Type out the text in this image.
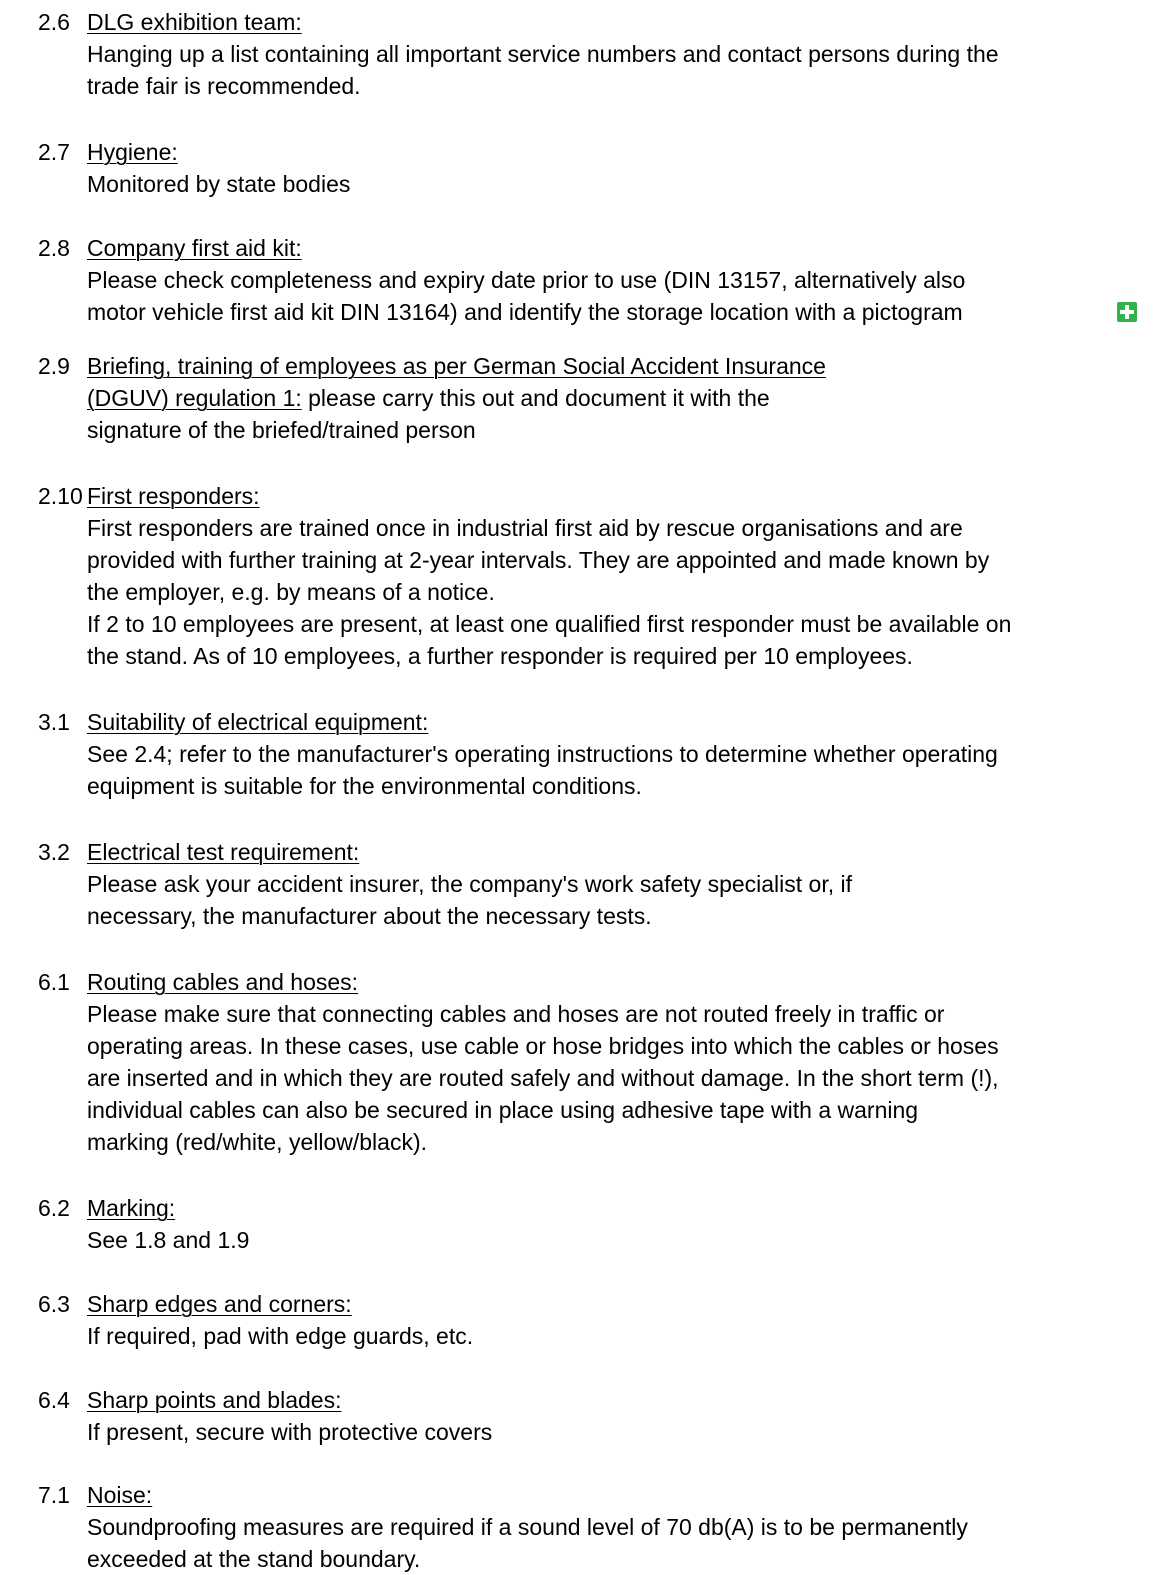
2.6 DLG exhibition team:
Hanging up a list containing all important service numbers and contact persons during the
trade fair is recommended.
2.7 Hygiene:
Monitored by state bodies
2.8 Company first aid kit:
Please check completeness and expiry date prior to use (DIN 13157, alternatively also
motor vehicle first aid kit DIN 13164) and identify the storage location with a pictogram
2.9 Briefing, training of employees as per German Social Accident Insurance
(DGUV) regulation 1: please carry this out and document it with the
signature of the briefed/trained person
2.10 First responders:
First responders are trained once in industrial first aid by rescue organisations and are
provided with further training at 2-year intervals. They are appointed and made known by
the employer, e.g. by means of a notice.
If 2 to 10 employees are present, at least one qualified first responder must be available on
the stand. As of 10 employees, a further responder is required per 10 employees.
3.1 Suitability of electrical equipment:
See 2.4; refer to the manufacturer's operating instructions to determine whether operating
equipment is suitable for the environmental conditions.
3.2 Electrical test requirement:
Please ask your accident insurer, the company's work safety specialist or, if
necessary, the manufacturer about the necessary tests.
6.1 Routing cables and hoses:
Please make sure that connecting cables and hoses are not routed freely in traffic or
operating areas. In these cases, use cable or hose bridges into which the cables or hoses
are inserted and in which they are routed safely and without damage. In the short term (!),
individual cables can also be secured in place using adhesive tape with a warning
marking (red/white, yellow/black).
6.2 Marking:
See 1.8 and 1.9
6.3 Sharp edges and corners:
If required, pad with edge guards, etc.
6.4 Sharp points and blades:
If present, secure with protective covers
7.1 Noise:
Soundproofing measures are required if a sound level of 70 db(A) is to be permanently
exceeded at the stand boundary.
